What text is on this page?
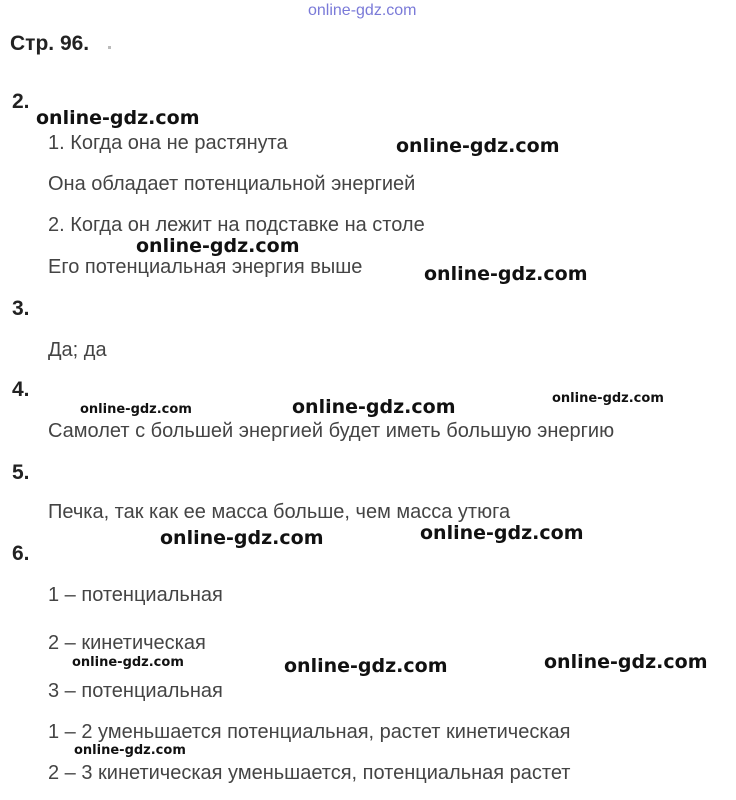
online-gdz.com
Стр. 96.
2.
1. Когда она не растянута
Она обладает потенциальной энергией
2. Когда он лежит на подставке на столе
Его потенциальная энергия выше
3.
Да; да
4.
Самолет с большей энергией будет иметь большую энергию
5.
Печка, так как ее масса больше, чем масса утюга
6.
1 – потенциальная
2 – кинетическая
3 – потенциальная
1 – 2 уменьшается потенциальная, растет кинетическая
2 – 3 кинетическая уменьшается, потенциальная растет
online-gdz.com
online-gdz.com
online-gdz.com
online-gdz.com
online-gdz.com	online-gdz.com	online-gdz.com
online-gdz.com	online-gdz.com
online-gdz.com	online-gdz.com	online-gdz.com
online-gdz.com
